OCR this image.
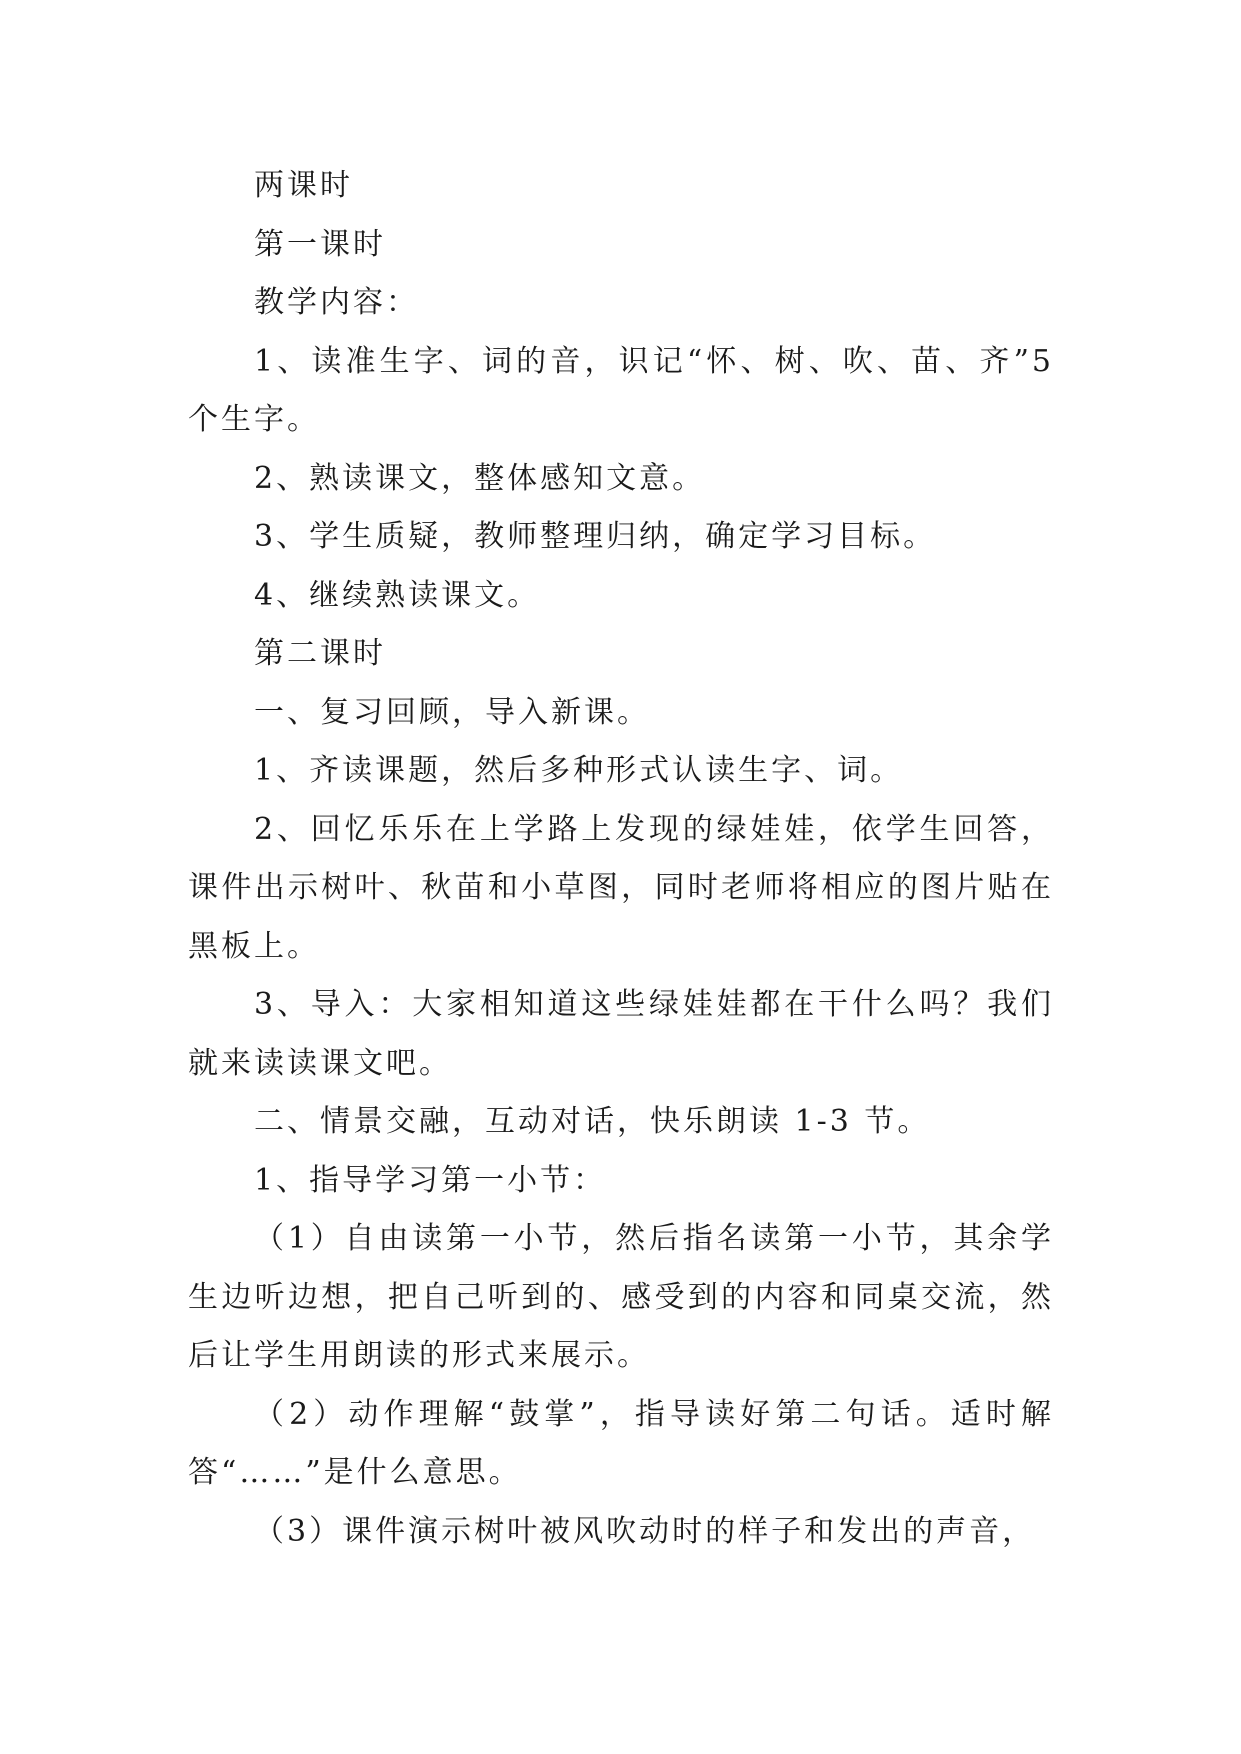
两课时

第一课时

教学内容：

1、读准生字、词的音，识记“怀、树、吹、苗、齐”5个生字。

2、熟读课文，整体感知文意。

3、学生质疑，教师整理归纳，确定学习目标。

4、继续熟读课文。

第二课时

一、复习回顾，导入新课。

1、齐读课题，然后多种形式认读生字、词。

2、回忆乐乐在上学路上发现的绿娃娃，依学生回答，课件出示树叶、秋苗和小草图，同时老师将相应的图片贴在黑板上。

3、导入：大家相知道这些绿娃娃都在干什么吗？我们就来读读课文吧。

二、情景交融，互动对话，快乐朗读 1-3 节。

1、指导学习第一小节：

（1）自由读第一小节，然后指名读第一小节，其余学生边听边想，把自己听到的、感受到的内容和同桌交流，然后让学生用朗读的形式来展示。

（2）动作理解“鼓掌”，指导读好第二句话。适时解答“……”是什么意思。

（3）课件演示树叶被风吹动时的样子和发出的声音，
